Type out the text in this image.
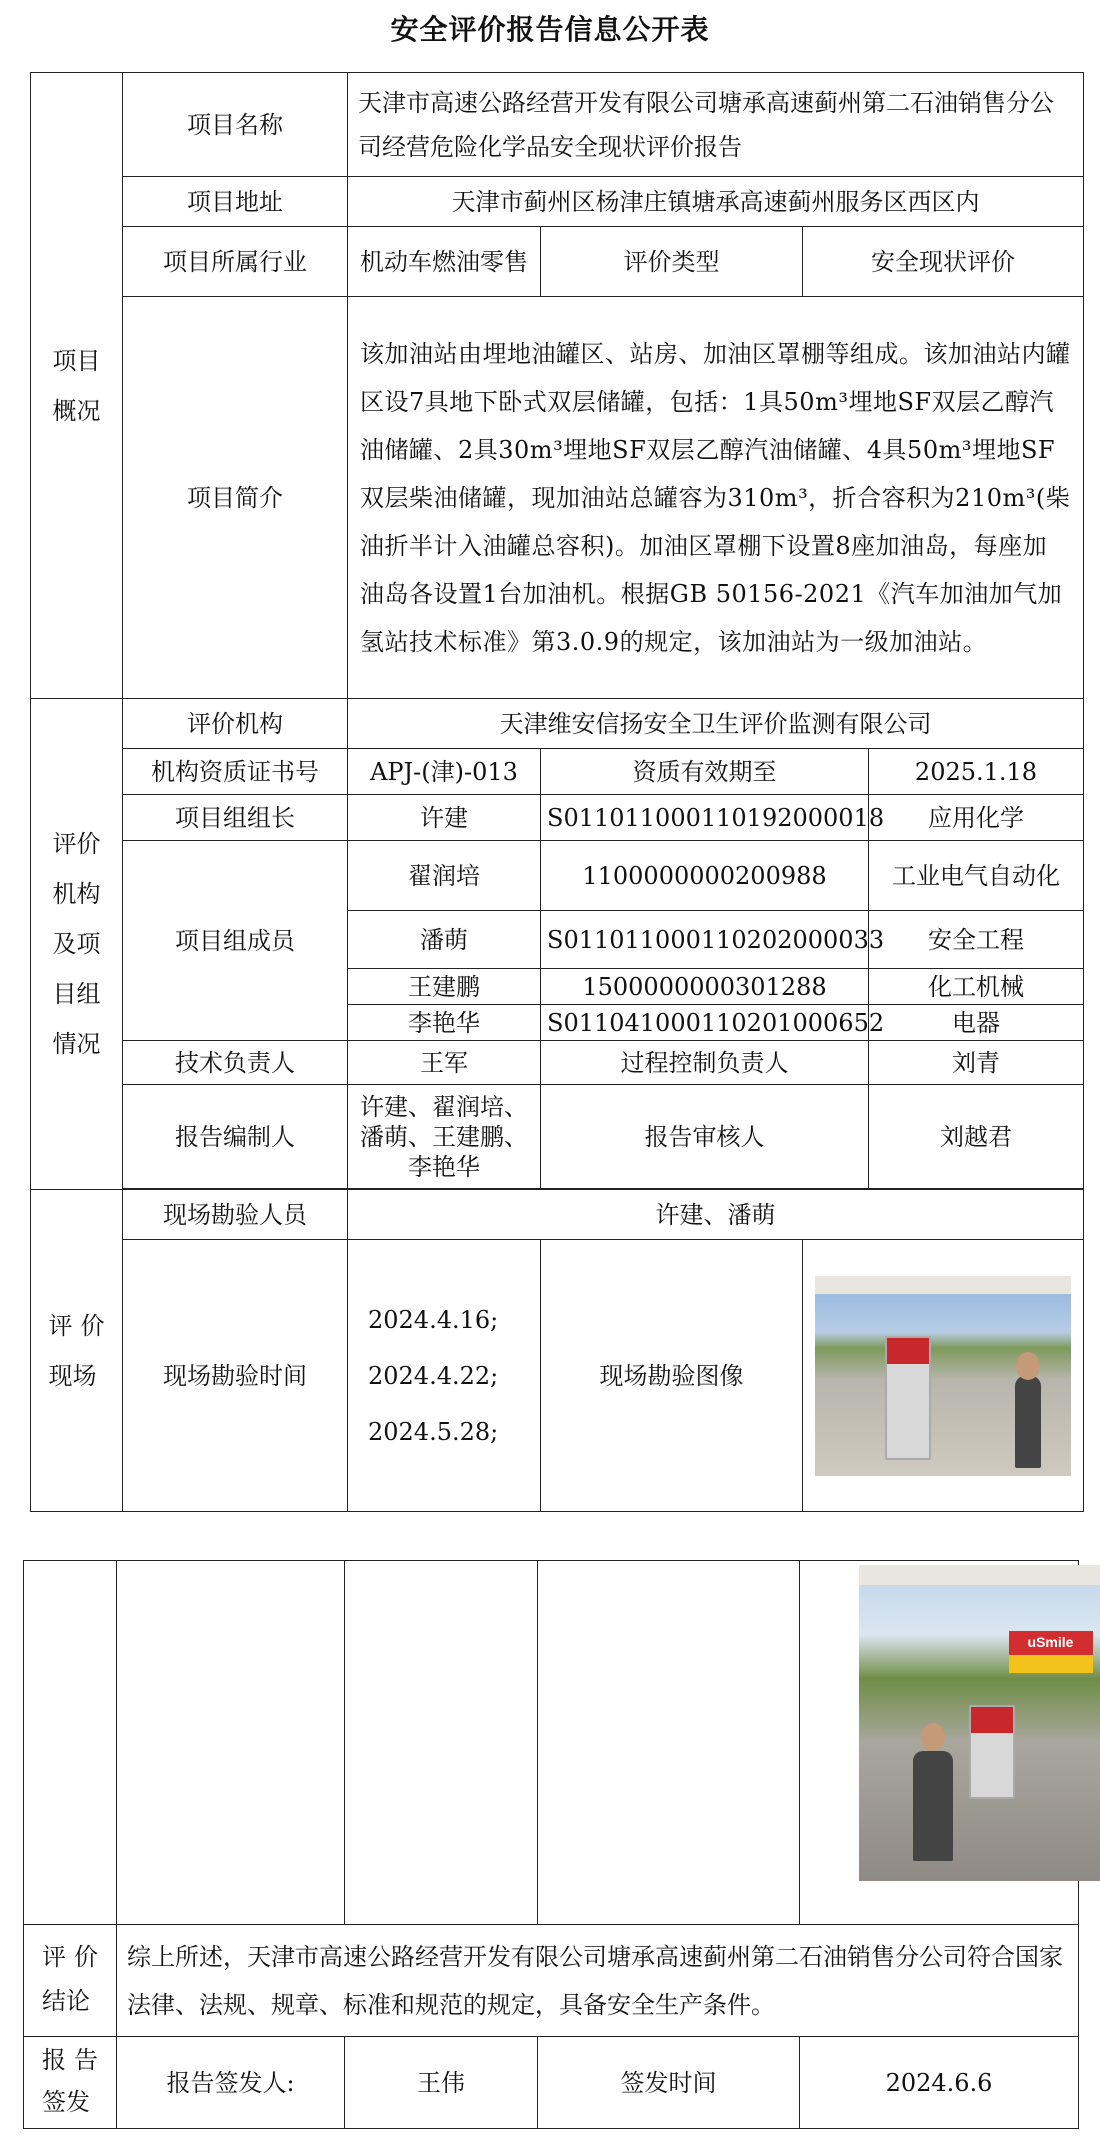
安全评价报告信息公开表
项目概况	项目名称	天津市高速公路经营开发有限公司塘承高速蓟州第二石油销售分公司经营危险化学品安全现状评价报告			
	项目地址	天津市蓟州区杨津庄镇塘承高速蓟州服务区西区内			
	项目所属行业	机动车燃油零售	评价类型	安全现状评价	
	项目简介	该加油站由埋地油罐区、站房、加油区罩棚等组成。该加油站内罐区设7具地下卧式双层储罐，包括：1具50m³埋地SF双层乙醇汽油储罐、2具30m³埋地SF双层乙醇汽油储罐、4具50m³埋地SF双层柴油储罐，现加油站总罐容为310m³，折合容积为210m³(柴油折半计入油罐总容积)。加油区罩棚下设置8座加油岛，每座加油岛各设置1台加油机。根据GB 50156-2021《汽车加油加气加氢站技术标准》第3.0.9的规定，该加油站为一级加油站。			
评价机构及项目组情况	评价机构	天津维安信扬安全卫生评价监测有限公司			
	机构资质证书号	APJ-(津)-013	资质有效期至		2025.1.18
	项目组组长	许建	S011011000110192000018		应用化学
	项目组成员	翟润培	1100000000200988		工业电气自动化
		潘萌	S011011000110202000033		安全工程
		王建鹏	1500000000301288		化工机械
		李艳华	S011041000110201000652		电器
	技术负责人	王军	过程控制负责人		刘青
	报告编制人	许建、翟润培、潘萌、王建鹏、李艳华	报告审核人		刘越君

评价现场	现场勘验人员	许建、潘萌			
	现场勘验时间	2024.4.16;
2024.4.22;
2024.5.28;	现场勘验图像		

					uSmile

评价结论	综上所述，天津市高速公路经营开发有限公司塘承高速蓟州第二石油销售分公司符合国家法律、法规、规章、标准和规范的规定，具备安全生产条件。				
报告签发	报告签发人:	王伟	签发时间	2024.6.6	
